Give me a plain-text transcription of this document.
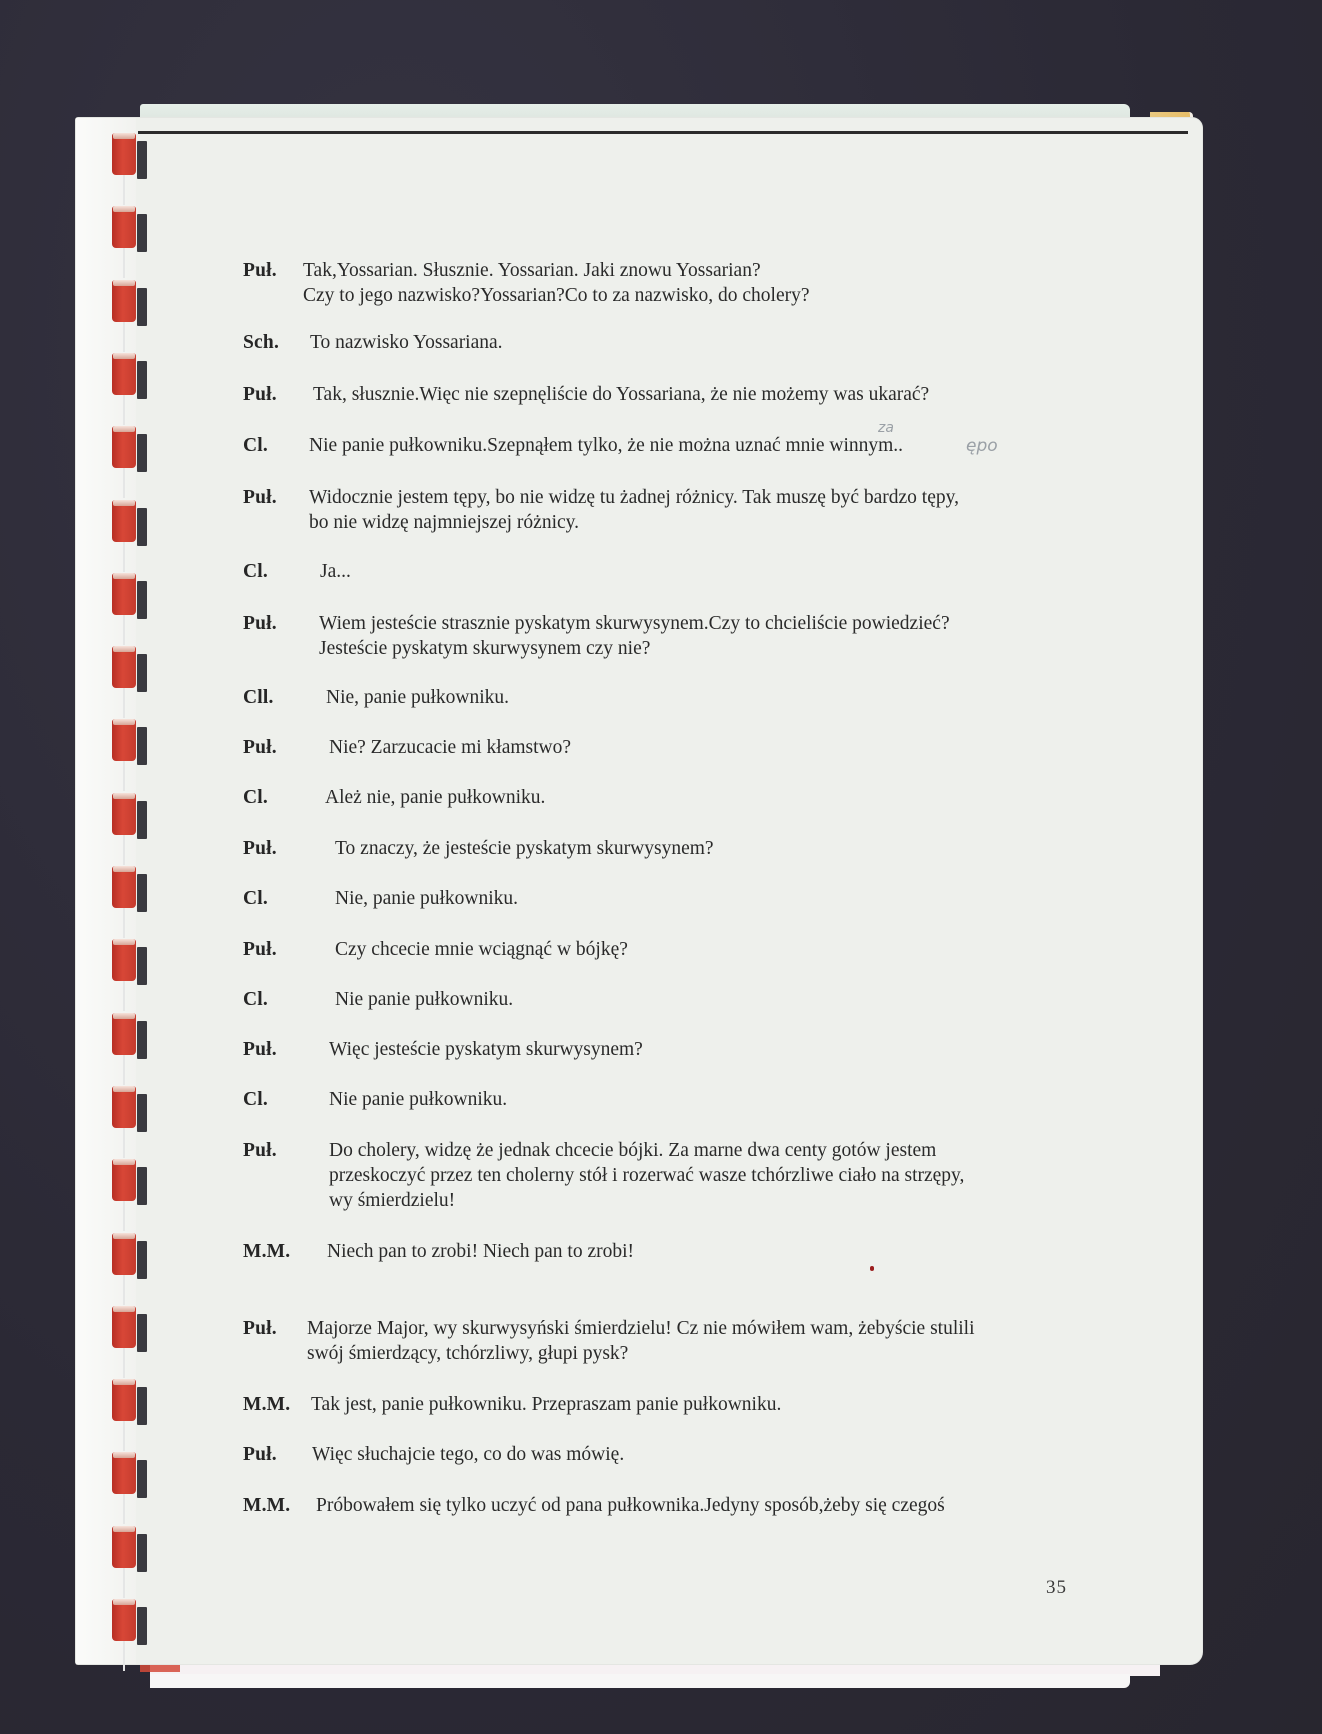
Puł. Tak,Yossarian. Słusznie. Yossarian. Jaki znowu Yossarian?
Czy to jego nazwisko?Yossarian?Co to za nazwisko, do cholery?
Sch. To nazwisko Yossariana.
Puł. Tak, słusznie.Więc nie szepnęliście do Yossariana, że nie możemy was ukarać?
Cl. Nie panie pułkowniku.Szepnąłem tylko, że nie można uznać mnie winnym..
Puł. Widocznie jestem tępy, bo nie widzę tu żadnej różnicy. Tak muszę być bardzo tępy,
bo nie widzę najmniejszej różnicy.
Cl.	Ja...
Puł. Wiem jesteście strasznie pyskatym skurwysynem.Czy to chcieliście powiedzieć?
Jesteście pyskatym skurwysynem czy nie?
Cll.	Nie, panie pułkowniku.
Puł.	Nie? Zarzucacie mi kłamstwo?
Cl.	Ależ nie, panie pułkowniku.
Puł.	To znaczy, że jesteście pyskatym skurwysynem?
Cl.	Nie, panie pułkowniku.
Puł.	Czy chcecie mnie wciągnąć w bójkę?
Cl.	Nie panie pułkowniku.
Puł.	Więc jesteście pyskatym skurwysynem?
Cl.	Nie panie pułkowniku.
Puł.	Do cholery, widzę że jednak chcecie bójki. Za marne dwa centy gotów jestem
przeskoczyć przez ten cholerny stół i rozerwać wasze tchórzliwe ciało na strzępy,
wy śmierdzielu!
M.M. Niech pan to zrobi! Niech pan to zrobi!
Puł. Majorze Major, wy skurwysyński śmierdzielu! Cz nie mówiłem wam, żebyście stulili
swój śmierdzący, tchórzliwy, głupi pysk?
M.M. Tak jest, panie pułkowniku. Przepraszam panie pułkowniku.
Puł. Więc słuchajcie tego, co do was mówię.
M.M. Próbowałem się tylko uczyć od pana pułkownika.Jedyny sposób,żeby się czegoś
za
ępo
35
